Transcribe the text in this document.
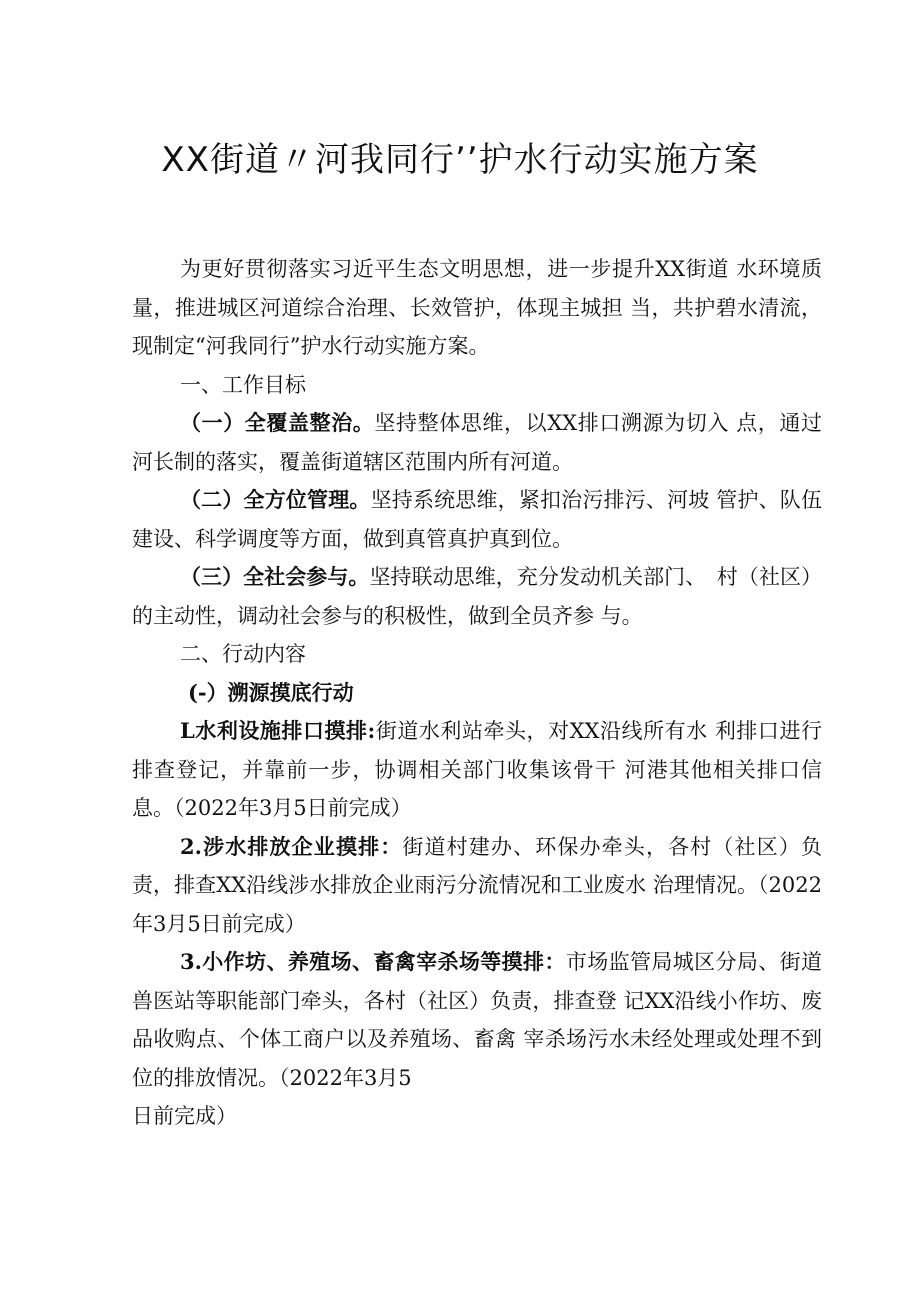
XX街道〃河我同行’’护水行动实施方案

为更好贯彻落实习近平生态文明思想，进一步提升XX街道 水环境质量，推进城区河道综合治理、长效管护，体现主城担 当，共护碧水清流，现制定“河我同行”护水行动实施方案。

一、工作目标

（一）全覆盖整治。坚持整体思维，以XX排口溯源为切入 点，通过河长制的落实，覆盖街道辖区范围内所有河道。

（二）全方位管理。坚持系统思维，紧扣治污排污、河坡 管护、队伍建设、科学调度等方面，做到真管真护真到位。

（三）全社会参与。坚持联动思维，充分发动机关部门、　村（社区）的主动性，调动社会参与的积极性，做到全员齐参 与。

二、行动内容

(-）溯源摸底行动

L水利设施排口摸排:街道水利站牵头，对XX沿线所有水 利排口进行排查登记，并靠前一步，协调相关部门收集该骨干 河港其他相关排口信息。（2022年3月5日前完成）

2.涉水排放企业摸排：街道村建办、环保办牵头，各村（社区）负责，排查XX沿线涉水排放企业雨污分流情况和工业废水 治理情况。（2022年3月5日前完成）

3.小作坊、养殖场、畜禽宰杀场等摸排：市场监管局城区分局、街道兽医站等职能部门牵头，各村（社区）负责，排查登 记XX沿线小作坊、废品收购点、个体工商户以及养殖场、畜禽 宰杀场污水未经处理或处理不到位的排放情况。（2022年3月5

日前完成）
